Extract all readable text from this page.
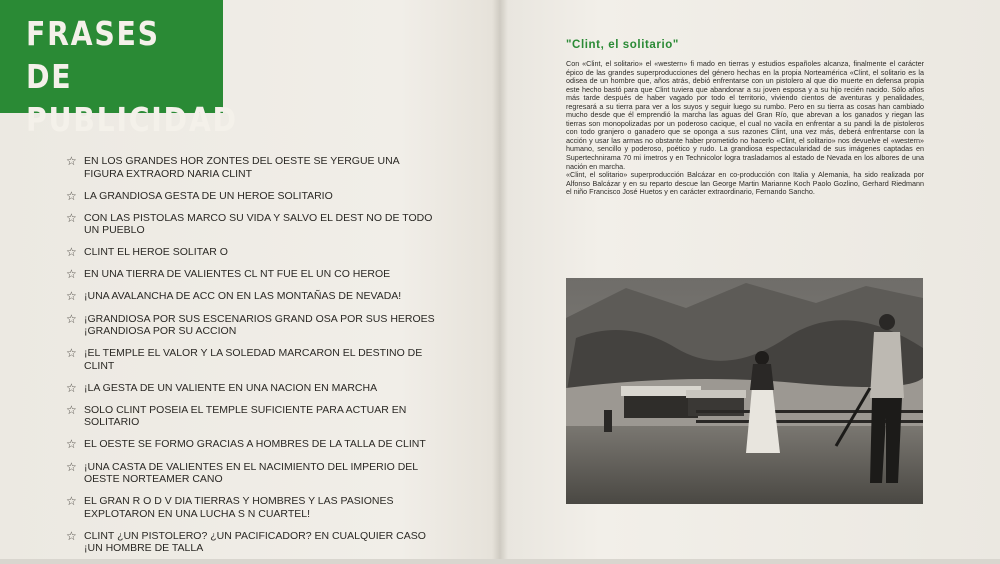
FRASES DE
PUBLICIDAD
☆ EN LOS GRANDES HOR ZONTES DEL OESTE SE YERGUE UNA FIGURA EXTRAORD NARIA CLINT
☆ LA GRANDIOSA GESTA DE UN HEROE SOLITARIO
☆ CON LAS PISTOLAS MARCO SU VIDA Y SALVO EL DEST NO DE TODO UN PUEBLO
☆ CLINT EL HEROE SOLITAR O
☆ EN UNA TIERRA DE VALIENTES CL NT FUE EL UN CO HEROE
☆ ¡UNA AVALANCHA DE ACC ON EN LAS MONTAÑAS DE NEVADA!
☆ ¡GRANDIOSA POR SUS ESCENARIOS GRAND OSA POR SUS HEROES ¡GRANDIOSA POR SU ACCION
☆ ¡EL TEMPLE EL VALOR Y LA SOLEDAD MARCARON EL DESTINO DE CLINT
☆ ¡LA GESTA DE UN VALIENTE EN UNA NACION EN MARCHA
☆ SOLO CLINT POSEIA EL TEMPLE SUFICIENTE PARA ACTUAR EN SOLITARIO
☆ EL OESTE SE FORMO GRACIAS A HOMBRES DE LA TALLA DE CLINT
☆ ¡UNA CASTA DE VALIENTES EN EL NACIMIENTO DEL IMPERIO DEL OESTE NORTEAMER CANO
☆ EL GRAN R O D V DIA TIERRAS Y HOMBRES Y LAS PASIONES EXPLOTARON EN UNA LUCHA S N CUARTEL!
☆ CLINT ¿UN PISTOLERO? ¿UN PACIFICADOR? EN CUALQUIER CASO ¡UN HOMBRE DE TALLA
"Clint, el solitario"

Con «Clint, el solitario» el «western» fi mado en tierras y estudios españoles alcanza, finalmente el carácter épico de las grandes superproducciones del género hechas en la propia Norteamérica «Clint, el solitario es la odisea de un hombre que, años atrás, debió enfrentarse con un pistolero al que dio muerte en defensa propia este hecho bastó para que Clint tuviera que abandonar a su joven esposa y a su hijo recién nacido. Sólo años más tarde después de haber vagado por todo el territorio, viviendo cientos de aventuras y penalidades, regresará a su tierra para ver a los suyos y seguir luego su rumbo. Pero en su tierra as cosas han cambiado mucho desde que él emprendió la marcha las aguas del Gran Río, que abrevan a los ganados y riegan las tierras son monopolizadas por un poderoso cacique, el cual no vacila en enfrentar a su pandi la de pistoleros con todo granjero o ganadero que se oponga a sus razones Clint, una vez más, deberá enfrentarse con la acción y usar las armas no obstante haber prometido no hacerlo «Clint, el solitario» nos devuelve el «western» humano, sencillo y poderoso, poético y rudo. La grandiosa espectacularidad de sus imágenes captadas en Supertechnirama 70 mi ímetros y en Technicolor logra trasladarnos al estado de Nevada en los albores de una nación en marcha.

«Clint, el solitario» superproducción Balcázar en co-producción con Italia y Alemania, ha sido realizada por Alfonso Balcázar y en su reparto descue lan George Martin Marianne Koch Paolo Gozlino, Gerhard Riedmann el niño Francisco José Huetos y en carácter extraordinario, Fernando Sancho.
